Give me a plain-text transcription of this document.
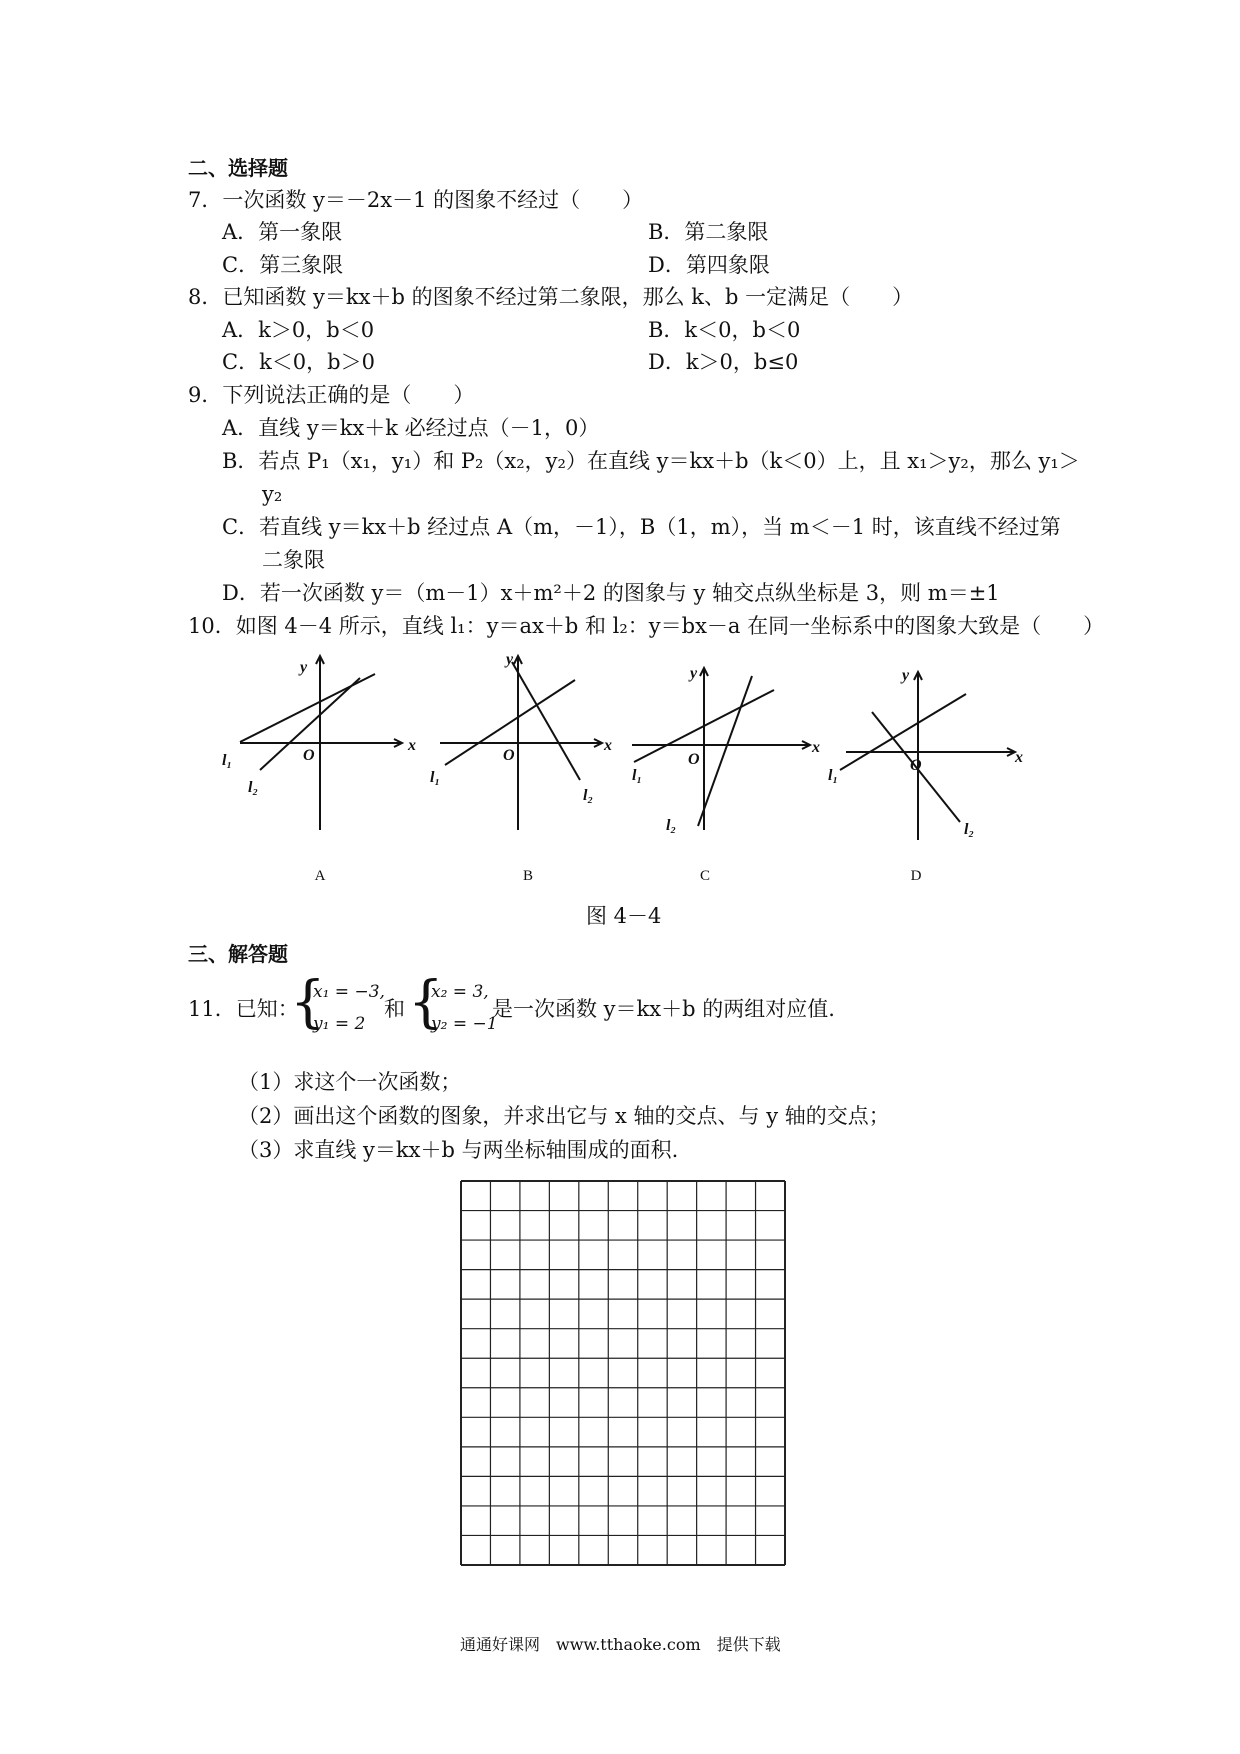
二、选择题
7．一次函数 y＝－2x－1 的图象不经过（　　）
A．第一象限	B．第二象限
C．第三象限	D．第四象限
8．已知函数 y＝kx＋b 的图象不经过第二象限，那么 k、b 一定满足（　　）
A．k＞0，b＜0	B．k＜0，b＜0
C．k＜0，b＞0	D．k＞0，b≤0
9．下列说法正确的是（　　）
A．直线 y＝kx＋k 必经过点（－1，0）
B．若点 P₁（x₁，y₁）和 P₂（x₂，y₂）在直线 y＝kx＋b（k＜0）上，且 x₁＞y₂，那么 y₁＞
y₂
C．若直线 y＝kx＋b 经过点 A（m，－1），B（1，m），当 m＜－1 时，该直线不经过第
二象限
D．若一次函数 y＝（m－1）x＋m²＋2 的图象与 y 轴交点纵坐标是 3，则 m＝±1
10．如图 4－4 所示，直线 l₁：y＝ax＋b 和 l₂：y＝bx－a 在同一坐标系中的图象大致是（　　）
y
x
O
l₁
l₂
y
x
O
l₁
l₂
y
x
O
l₁
l₂
y
x
O
l₁
l₂
A	B	C	D
图 4－4
三、解答题
11．已知：
{
x₁ = −3,
y₁ = 2
和 {
x₂ = 3,
y₂ = −1
是一次函数 y＝kx＋b 的两组对应值.
（1）求这个一次函数；
（2）画出这个函数的图象，并求出它与 x 轴的交点、与 y 轴的交点；
（3）求直线 y＝kx＋b 与两坐标轴围成的面积.
通通好课网　www.tthaoke.com　提供下载
